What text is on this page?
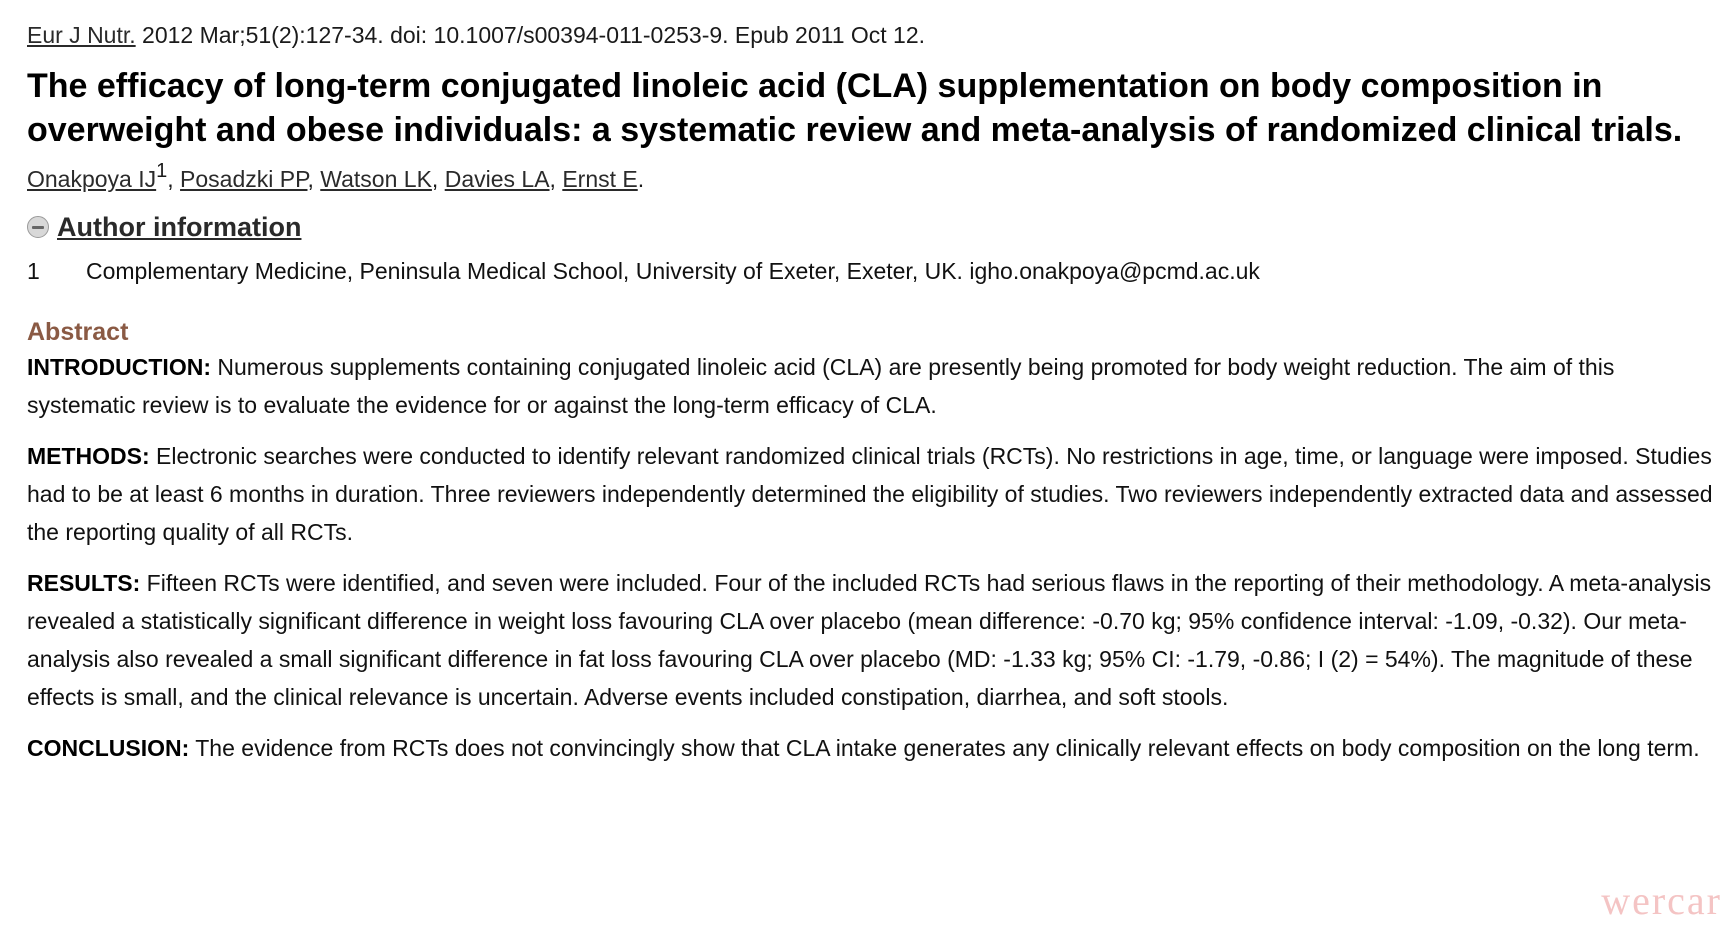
Eur J Nutr. 2012 Mar;51(2):127-34. doi: 10.1007/s00394-011-0253-9. Epub 2011 Oct 12.
The efficacy of long-term conjugated linoleic acid (CLA) supplementation on body composition in overweight and obese individuals: a systematic review and meta-analysis of randomized clinical trials.
Onakpoya $IJ^1$, Posadzki PP, Watson LK, Davies LA, Ernst E.
Author information
1	Complementary Medicine, Peninsula Medical School, University of Exeter, Exeter, UK. igho.onakpoya@pcmd.ac.uk
Abstract

INTRODUCTION: Numerous supplements containing conjugated linoleic acid (CLA) are presently being promoted for body weight reduction. The aim of this systematic review is to evaluate the evidence for or against the long-term efficacy of CLA.

METHODS: Electronic searches were conducted to identify relevant randomized clinical trials (RCTs). No restrictions in age, time, or language were imposed. Studies had to be at least 6 months in duration. Three reviewers independently determined the eligibility of studies. Two reviewers independently extracted data and assessed the reporting quality of all RCTs.

RESULTS: Fifteen RCTs were identified, and seven were included. Four of the included RCTs had serious flaws in the reporting of their methodology. A meta-analysis revealed a statistically significant difference in weight loss favouring CLA over placebo (mean difference: -0.70 kg; 95% confidence interval: -1.09, -0.32). Our meta-analysis also revealed a small significant difference in fat loss favouring CLA over placebo (MD: -1.33 kg; 95% CI: -1.79, -0.86; I (2) = 54%). The magnitude of these effects is small, and the clinical relevance is uncertain. Adverse events included constipation, diarrhea, and soft stools.

CONCLUSION: The evidence from RCTs does not convincingly show that CLA intake generates any clinically relevant effects on body composition on the long term.

wercar
